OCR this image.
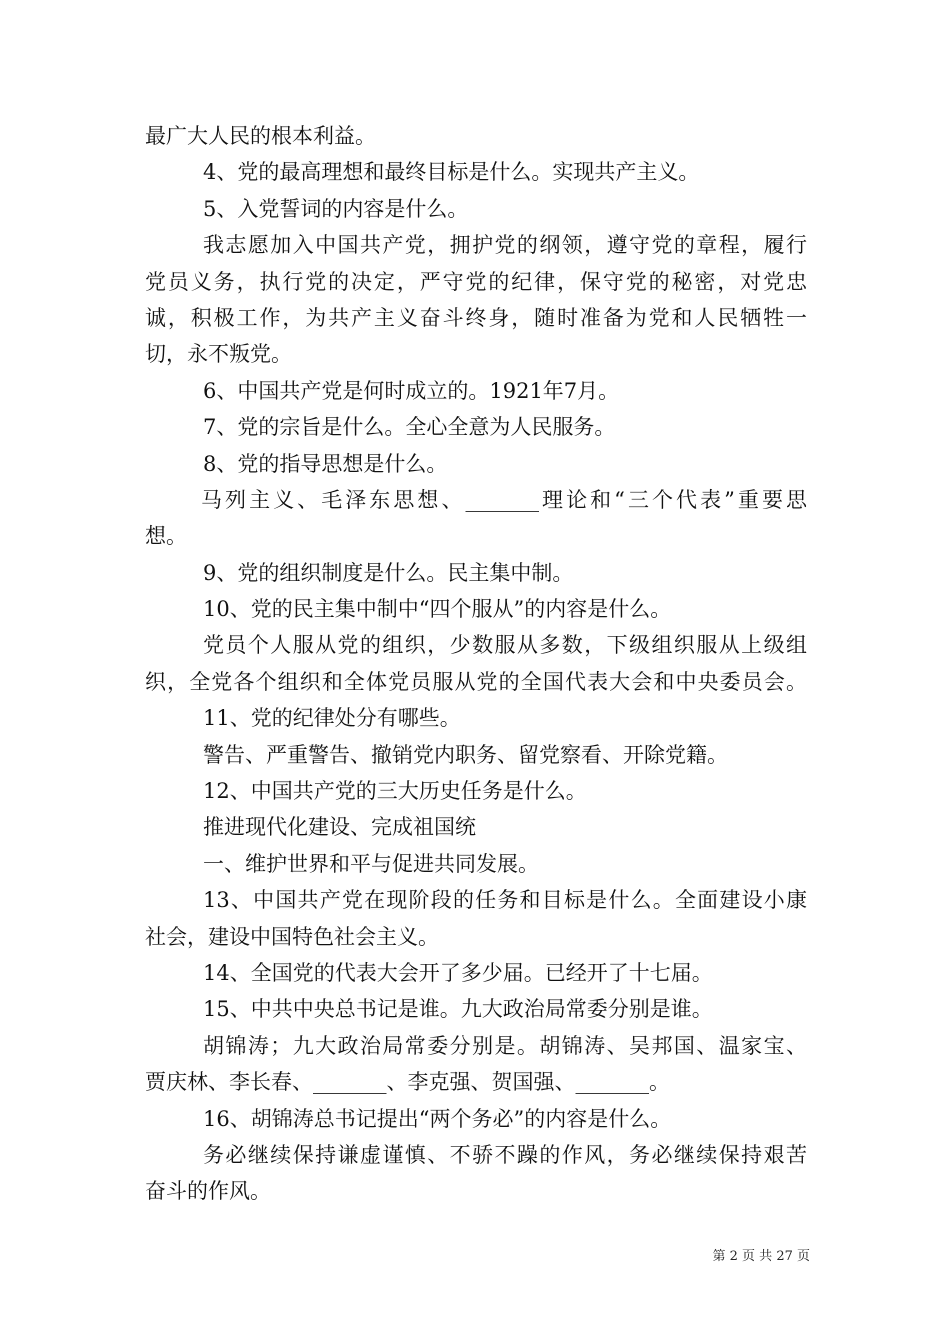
最广大人民的根本利益。
4、党的最高理想和最终目标是什么。实现共产主义。
5、入党誓词的内容是什么。
我志愿加入中国共产党，拥护党的纲领，遵守党的章程，履行
党员义务，执行党的决定，严守党的纪律，保守党的秘密，对党忠
诚，积极工作，为共产主义奋斗终身，随时准备为党和人民牺牲一
切，永不叛党。
6、中国共产党是何时成立的。1921年7月。
7、党的宗旨是什么。全心全意为人民服务。
8、党的指导思想是什么。
马列主义、毛泽东思想、_______理论和“三个代表”重要思
想。
9、党的组织制度是什么。民主集中制。
10、党的民主集中制中“四个服从”的内容是什么。
党员个人服从党的组织，少数服从多数，下级组织服从上级组
织，全党各个组织和全体党员服从党的全国代表大会和中央委员会。
11、党的纪律处分有哪些。
警告、严重警告、撤销党内职务、留党察看、开除党籍。
12、中国共产党的三大历史任务是什么。
推进现代化建设、完成祖国统
一、维护世界和平与促进共同发展。
13、中国共产党在现阶段的任务和目标是什么。全面建设小康
社会，建设中国特色社会主义。
14、全国党的代表大会开了多少届。已经开了十七届。
15、中共中央总书记是谁。九大政治局常委分别是谁。
胡锦涛；九大政治局常委分别是。胡锦涛、吴邦国、温家宝、
贾庆林、李长春、_______、李克强、贺国强、_______。
16、胡锦涛总书记提出“两个务必”的内容是什么。
务必继续保持谦虚谨慎、不骄不躁的作风，务必继续保持艰苦
奋斗的作风。
第 2 页 共 27 页
